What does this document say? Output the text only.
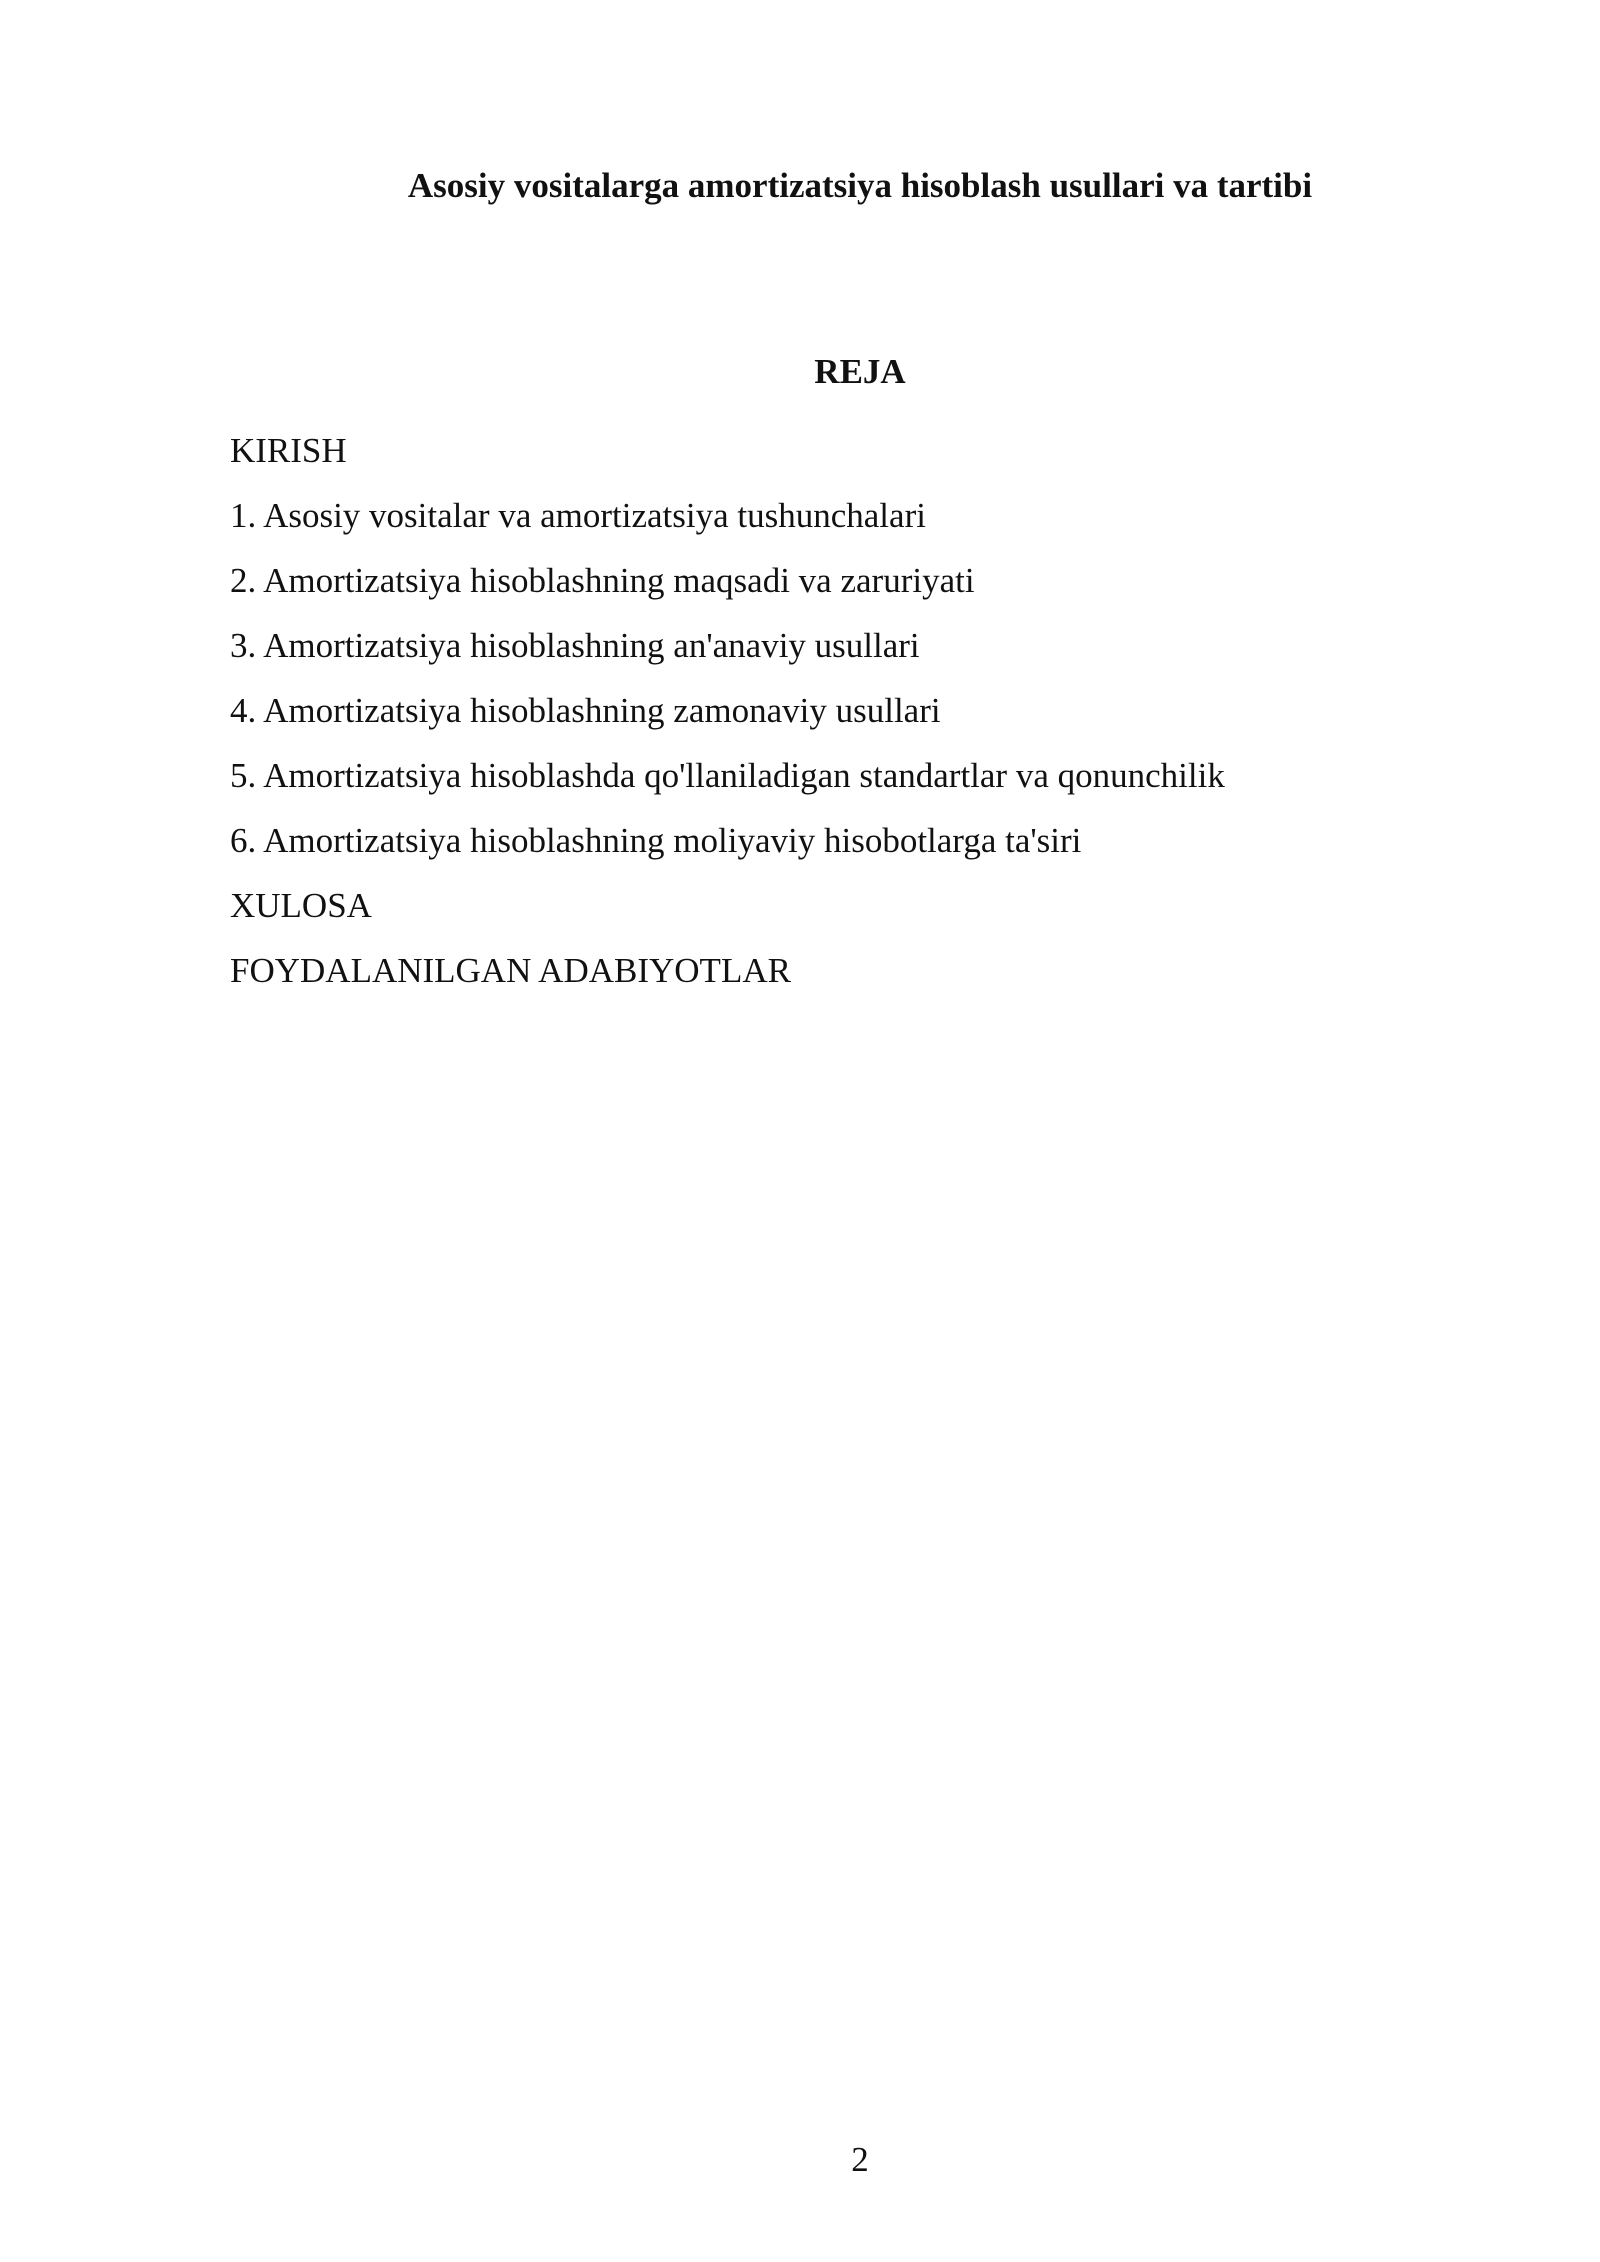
Asosiy vositalarga amortizatsiya hisoblash usullari va tartibi
REJA
KIRISH
1. Asosiy vositalar va amortizatsiya tushunchalari
2. Amortizatsiya hisoblashning maqsadi va zaruriyati
3. Amortizatsiya hisoblashning an'anaviy usullari
4. Amortizatsiya hisoblashning zamonaviy usullari
5. Amortizatsiya hisoblashda qo'llaniladigan standartlar va qonunchilik
6. Amortizatsiya hisoblashning moliyaviy hisobotlarga ta'siri
XULOSA
FOYDALANILGAN ADABIYOTLAR
2
